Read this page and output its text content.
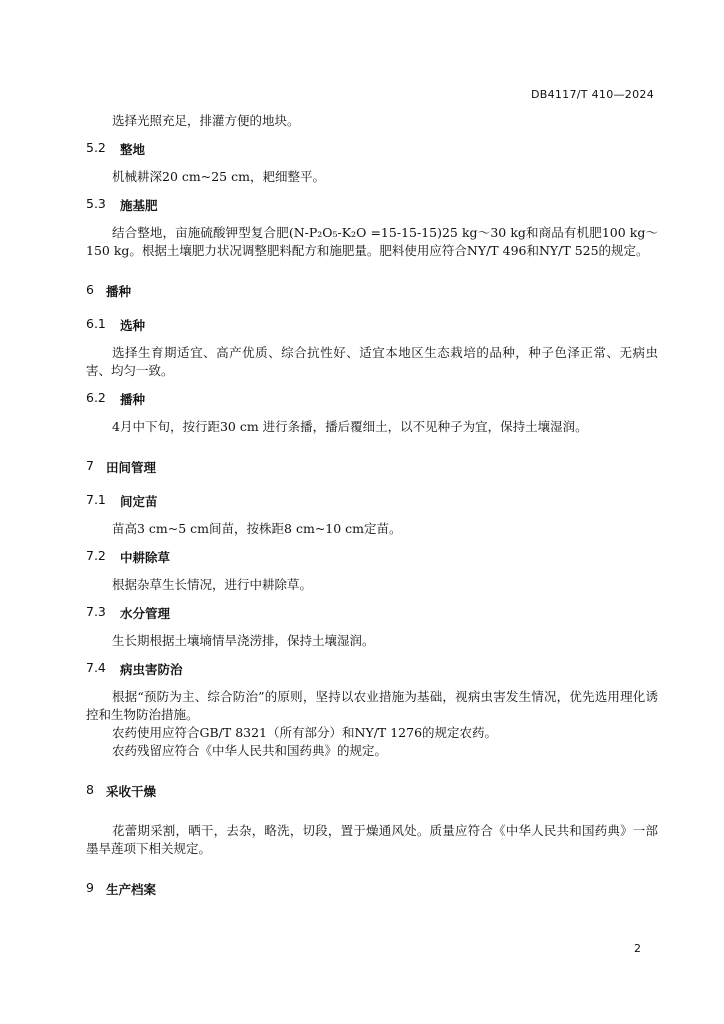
DB4117/T 410—2024

选择光照充足，排灌方便的地块。

5.2	整地

机械耕深20 cm~25 cm，耙细整平。

5.3	施基肥

结合整地，亩施硫酸钾型复合肥(N-P₂O₅-K₂O =15-15-15)25 kg～30 kg和商品有机肥100 kg～150 kg。根据土壤肥力状况调整肥料配方和施肥量。肥料使用应符合NY/T 496和NY/T 525的规定。

6 播种
6.1	选种

选择生育期适宜、高产优质、综合抗性好、适宜本地区生态栽培的品种，种子色泽正常、无病虫害、均匀一致。

6.2	播种

4月中下旬，按行距30 cm 进行条播，播后覆细土，以不见种子为宜，保持土壤湿润。

7 田间管理
7.1	间定苗

苗高3 cm~5 cm间苗，按株距8 cm~10 cm定苗。

7.2	中耕除草

根据杂草生长情况，进行中耕除草。

7.3	水分管理

生长期根据土壤墒情旱浇涝排，保持土壤湿润。

7.4	病虫害防治

根据“预防为主、综合防治”的原则，坚持以农业措施为基础，视病虫害发生情况，优先选用理化诱控和生物防治措施。

农药使用应符合GB/T 8321（所有部分）和NY/T 1276的规定农药。

农药残留应符合《中华人民共和国药典》的规定。

8 采收干燥

花蕾期采割，晒干，去杂，略洗，切段，置于燥通风处。质量应符合《中华人民共和国药典》一部墨旱莲项下相关规定。

9 生产档案
2
